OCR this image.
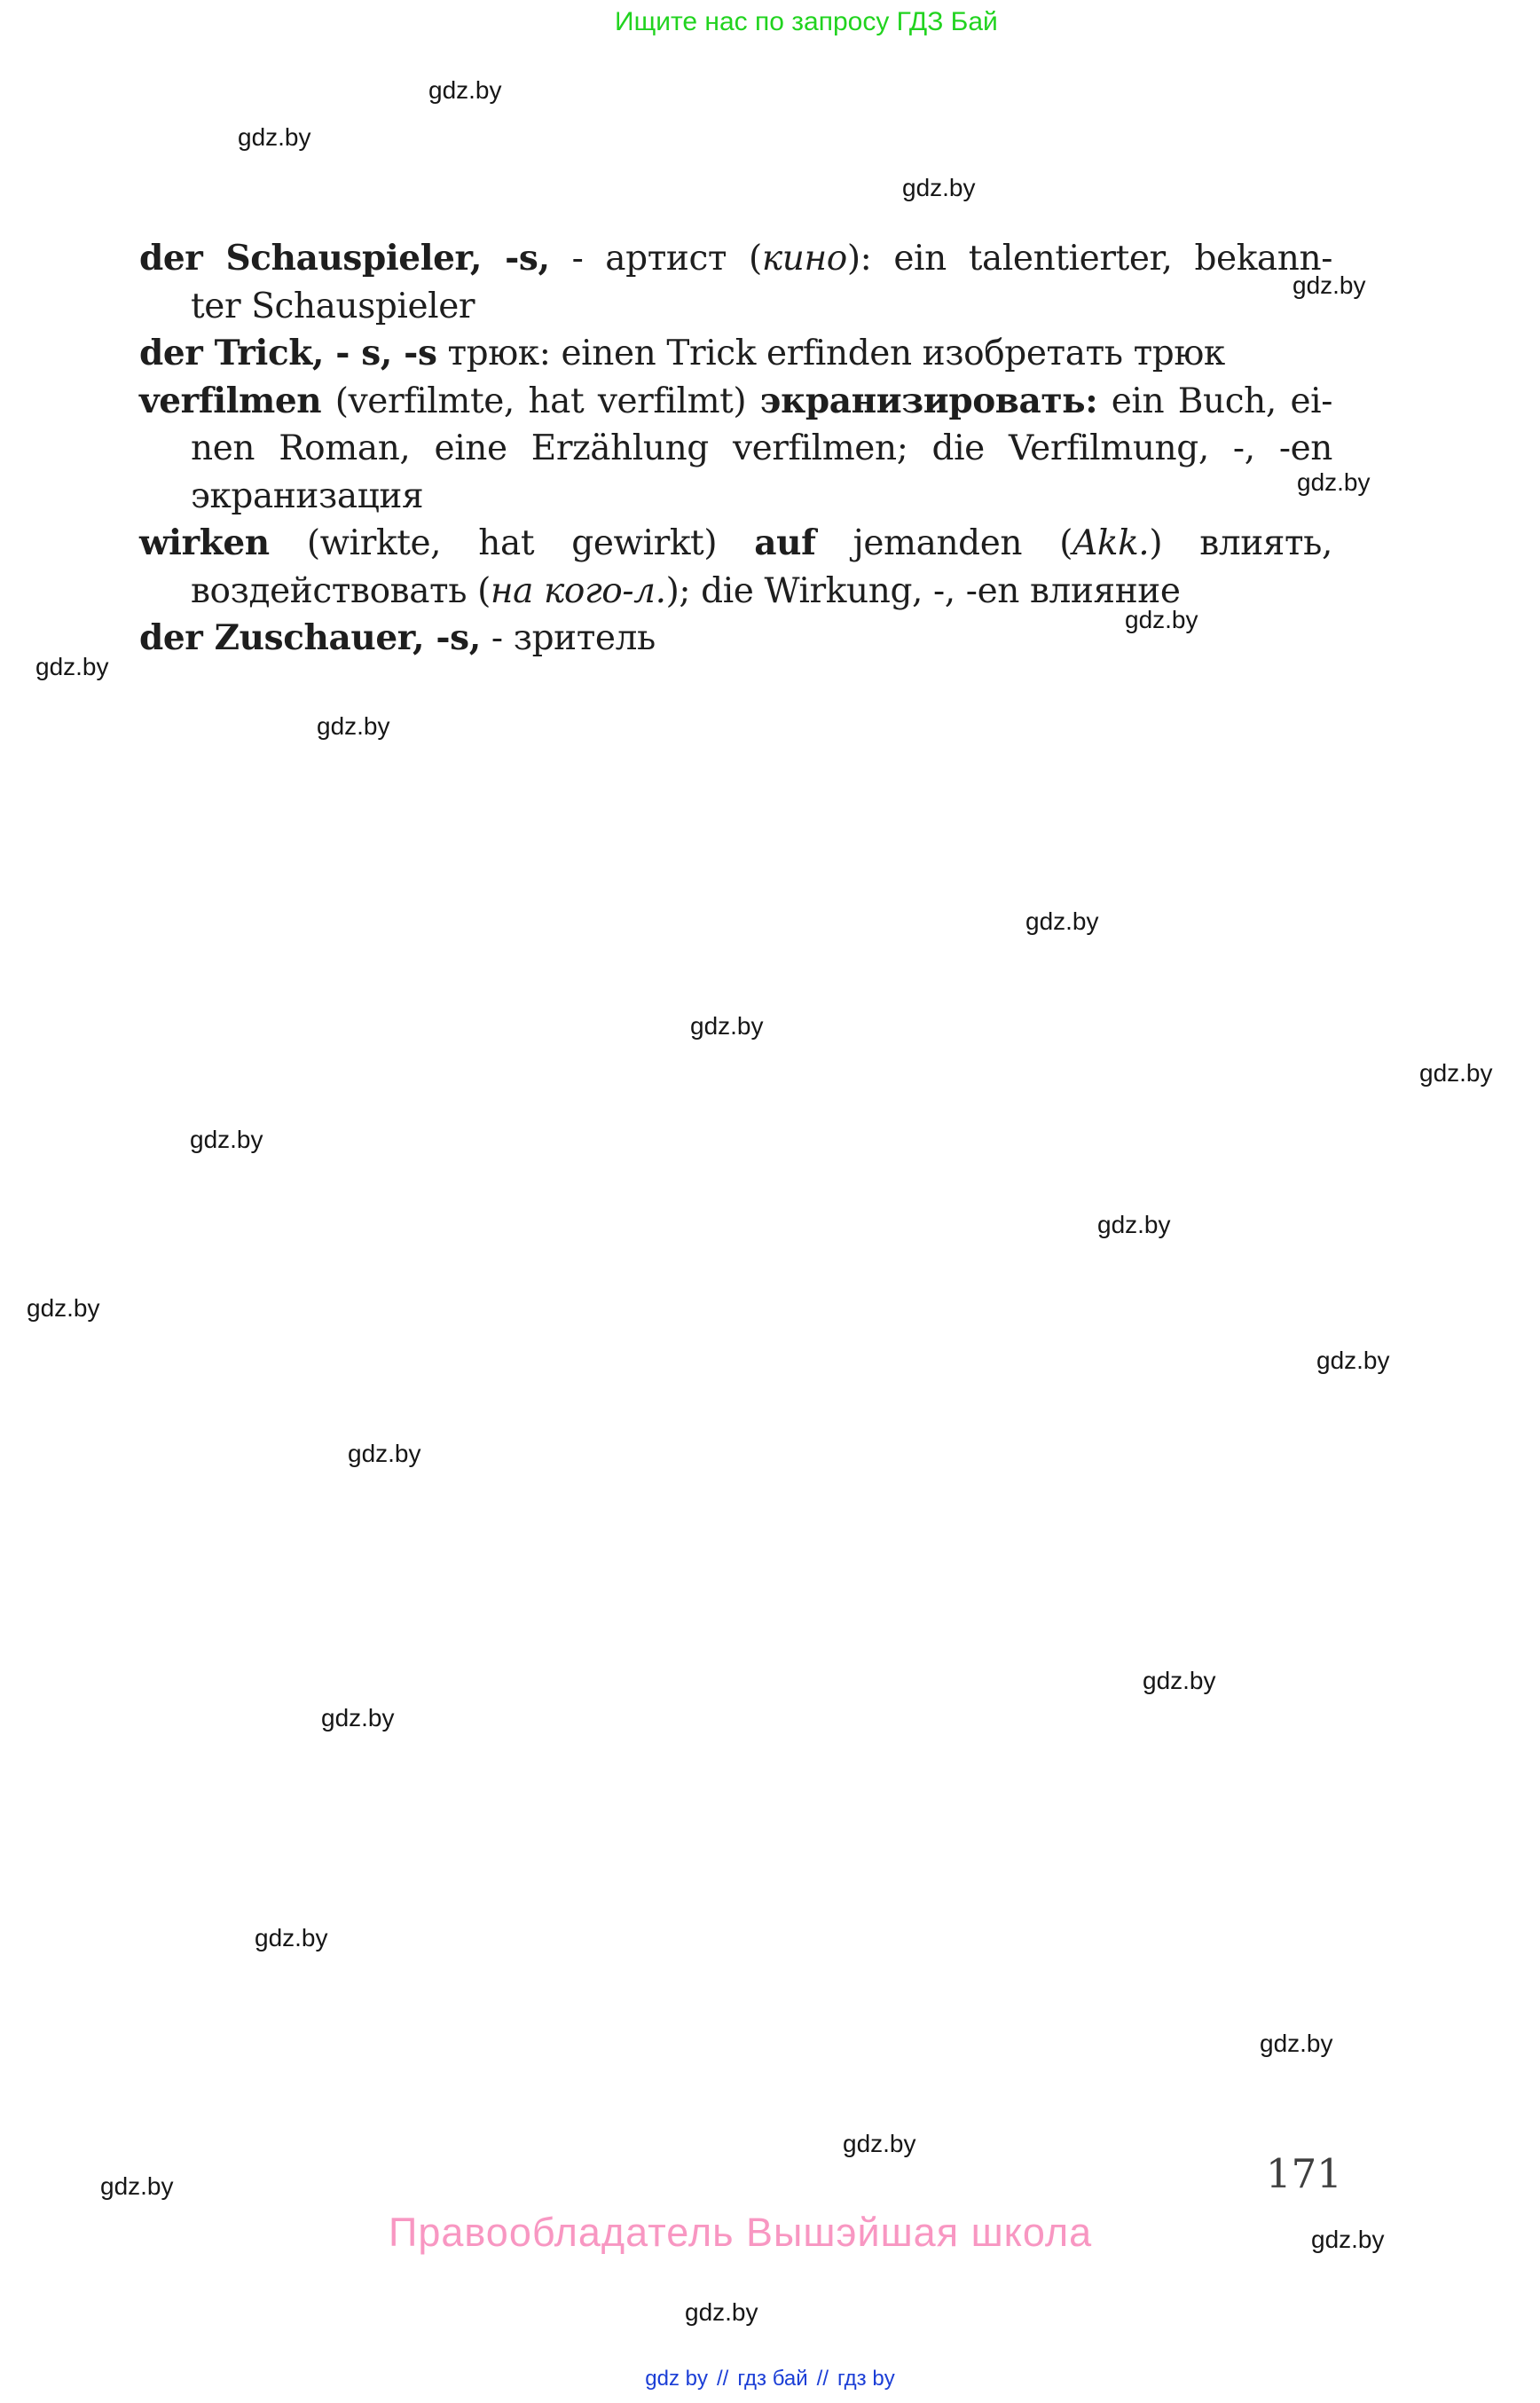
Ищите нас по запросу ГДЗ Бай
gdz.by
gdz.by
gdz.by
gdz.by
gdz.by
gdz.by
gdz.by
gdz.by
gdz.by
gdz.by
gdz.by
gdz.by
gdz.by
gdz.by
gdz.by
gdz.by
gdz.by
gdz.by
gdz.by
gdz.by
gdz.by
gdz.by
gdz.by
gdz.by
der Schauspieler, -s, - артист (кино): ein talentierter, bekann-
ter Schauspieler
der Trick, - s, -s трюк: einen Trick erfinden изобретать трюк
verfilmen (verfilmte, hat verfilmt) экранизировать: ein Buch, ei-
nen Roman, eine Erzählung verfilmen; die Verfilmung, -, -en
экранизация
wirken (wirkte, hat gewirkt) auf jemanden (Akk.) влиять,
воздействовать (на кого-л.); die Wirkung, -, -en влияние
der Zuschauer, -s, - зритель
171
Правообладатель Вышэйшая школа
gdz by // гдз бай // гдз by
